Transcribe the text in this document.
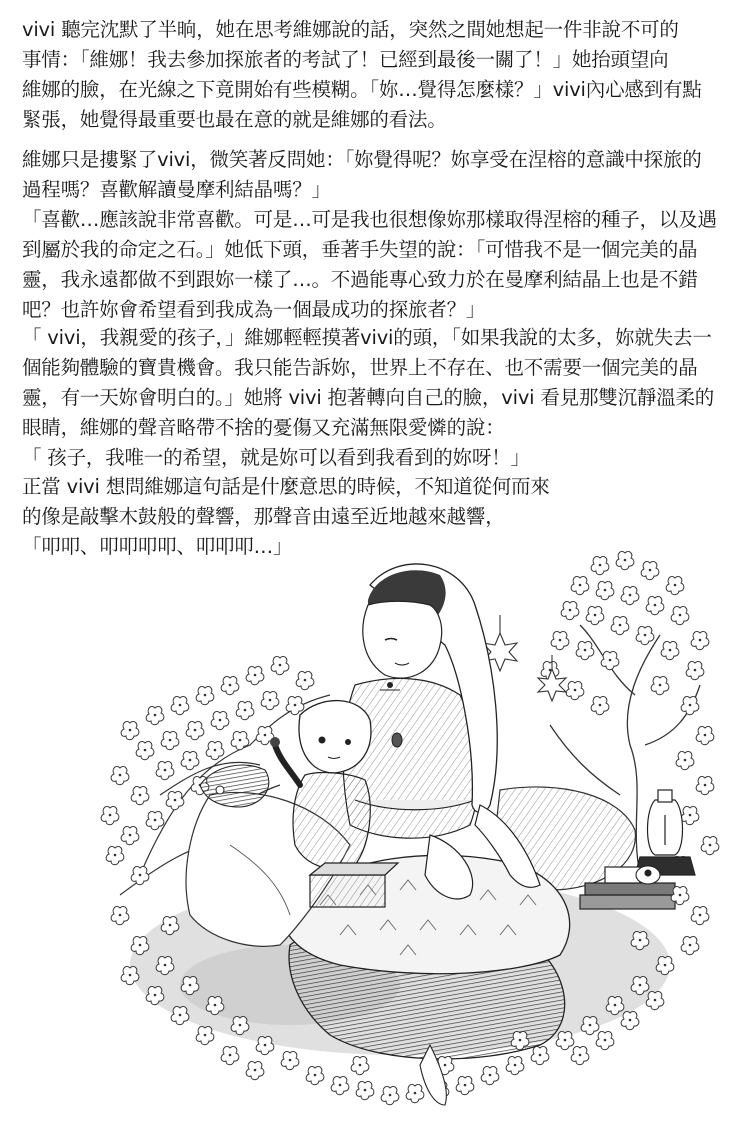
vivi 聽完沈默了半晌，她在思考維娜說的話，突然之間她想起一件非說不可的
事情：「維娜！我去參加探旅者的考試了！已經到最後一關了！」她抬頭望向
維娜的臉，在光線之下竟開始有些模糊。「妳…覺得怎麼樣？」vivi內心感到有點
緊張，她覺得最重要也最在意的就是維娜的看法。
維娜只是摟緊了vivi，微笑著反問她：「妳覺得呢？妳享受在涅榕的意識中探旅的
過程嗎？喜歡解讀曼摩利結晶嗎？」
「喜歡…應該說非常喜歡。可是…可是我也很想像妳那樣取得涅榕的種子，以及遇
到屬於我的命定之石。」她低下頭，垂著手失望的說：「可惜我不是一個完美的晶
靈，我永遠都做不到跟妳一樣了…。不過能專心致力於在曼摩利結晶上也是不錯
吧？也許妳會希望看到我成為一個最成功的探旅者？」
「 vivi，我親愛的孩子，」維娜輕輕摸著vivi的頭，「如果我說的太多，妳就失去一
個能夠體驗的寶貴機會。我只能告訴妳，世界上不存在、也不需要一個完美的晶
靈，有一天妳會明白的。」她將 vivi 抱著轉向自己的臉，vivi 看見那雙沉靜溫柔的
眼睛，維娜的聲音略帶不捨的憂傷又充滿無限愛憐的說：
「 孩子，我唯一的希望，就是妳可以看到我看到的妳呀！」
正當 vivi 想問維娜這句話是什麼意思的時候，不知道從何而來
的像是敲擊木鼓般的聲響，那聲音由遠至近地越來越響，
「叩叩、叩叩叩叩、叩叩叩…」
